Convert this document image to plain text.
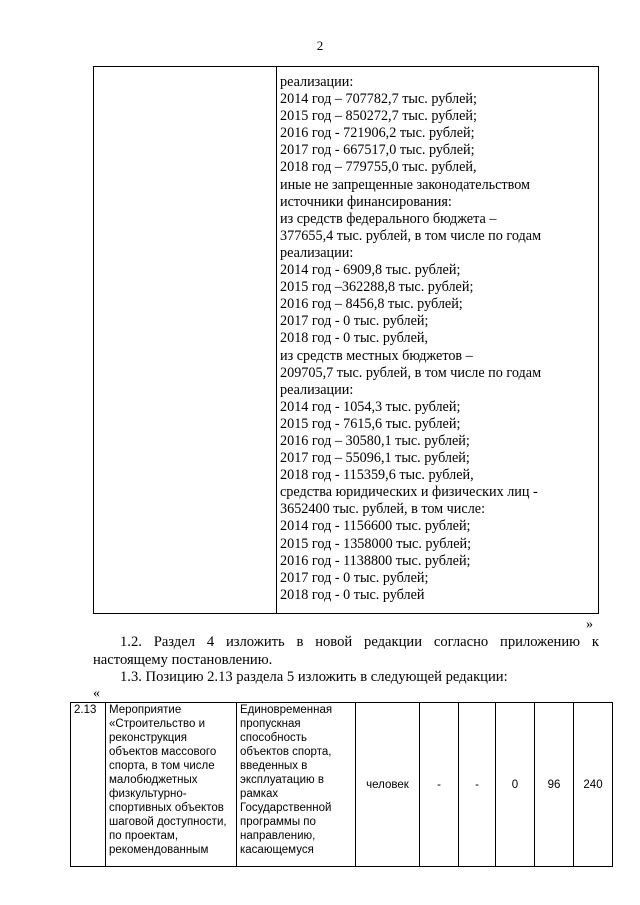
2
реализации:
2014 год – 707782,7 тыс. рублей;
2015 год – 850272,7 тыс. рублей;
2016 год - 721906,2 тыс. рублей;
2017 год - 667517,0 тыс. рублей;
2018 год – 779755,0 тыс. рублей,
иные не запрещенные законодательством
источники финансирования:
из средств федерального бюджета –
377655,4 тыс. рублей, в том числе по годам
реализации:
2014 год - 6909,8 тыс. рублей;
2015 год –362288,8 тыс. рублей;
2016 год – 8456,8 тыс. рублей;
2017 год - 0 тыс. рублей;
2018 год - 0 тыс. рублей,
из средств местных бюджетов –
209705,7 тыс. рублей, в том числе по годам
реализации:
2014 год - 1054,3 тыс. рублей;
2015 год - 7615,6 тыс. рублей;
2016 год – 30580,1 тыс. рублей;
2017 год – 55096,1 тыс. рублей;
2018 год - 115359,6 тыс. рублей,
средства юридических и физических лиц -
3652400 тыс. рублей, в том числе:
2014 год - 1156600 тыс. рублей;
2015 год - 1358000 тыс. рублей;
2016 год - 1138800 тыс. рублей;
2017 год - 0 тыс. рублей;
2018 год - 0 тыс. рублей
»
1.2. Раздел 4 изложить в новой редакции согласно приложению к настоящему постановлению.
1.3. Позицию 2.13 раздела 5 изложить в следующей редакции:
«
2.13	Мероприятие «Строительство и реконструкция объектов массового спорта, в том числе малобюджетных физкультурно-спортивных объектов шаговой доступности, по проектам, рекомендованным	Единовременная пропускная способность объектов спорта, введенных в эксплуатацию в рамках Государственной программы по направлению, касающемуся	человек	-	-	0	96	240
